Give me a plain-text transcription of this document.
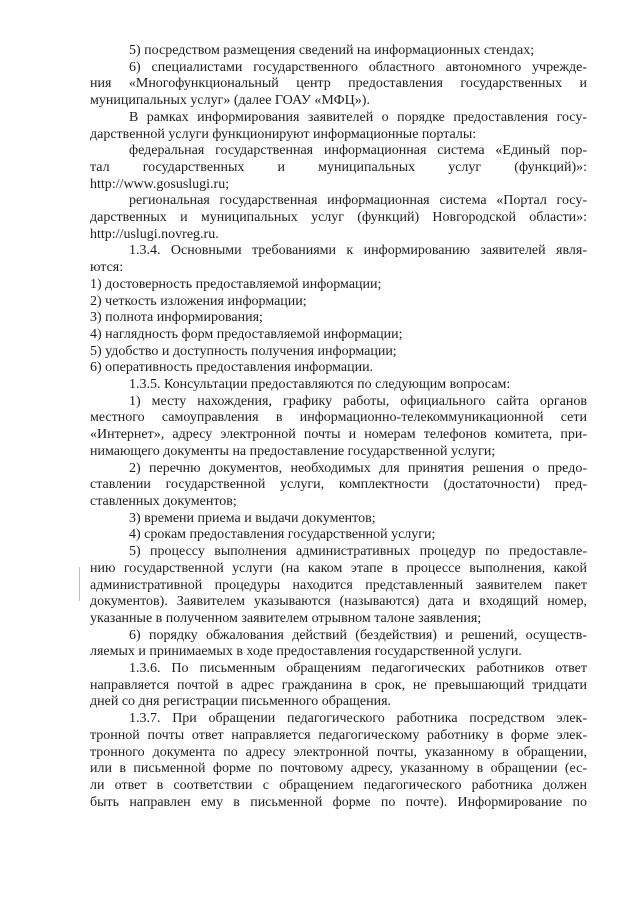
5) посредством размещения сведений на информационных стендах;
6) специалистами государственного областного автономного учрежде-
ния «Многофункциональный центр предоставления государственных и
муниципальных услуг» (далее ГОАУ «МФЦ»).
В рамках информирования заявителей о порядке предоставления госу-
дарственной услуги функционируют информационные порталы:
федеральная государственная информационная система «Единый пор-
тал государственных и муниципальных услуг (функций)»:
http://www.gosuslugi.ru;
региональная государственная информационная система «Портал госу-
дарственных и муниципальных услуг (функций) Новгородской области»:
http://uslugi.novreg.ru.
1.3.4. Основными требованиями к информированию заявителей явля-
ются:
1) достоверность предоставляемой информации;
2) четкость изложения информации;
3) полнота информирования;
4) наглядность форм предоставляемой информации;
5) удобство и доступность получения информации;
6) оперативность предоставления информации.
1.3.5. Консультации предоставляются по следующим вопросам:
1) месту нахождения, графику работы, официального сайта органов
местного самоуправления в информационно-телекоммуникационной сети
«Интернет», адресу электронной почты и номерам телефонов комитета, при-
нимающего документы на предоставление государственной услуги;
2) перечню документов, необходимых для принятия решения о предо-
ставлении государственной услуги, комплектности (достаточности) пред-
ставленных документов;
3) времени приема и выдачи документов;
4) срокам предоставления государственной услуги;
5) процессу выполнения административных процедур по предоставле-
нию государственной услуги (на каком этапе в процессе выполнения, какой
административной процедуры находится представленный заявителем пакет
документов). Заявителем указываются (называются) дата и входящий номер,
указанные в полученном заявителем отрывном талоне заявления;
6) порядку обжалования действий (бездействия) и решений, осуществ-
ляемых и принимаемых в ходе предоставления государственной услуги.
1.3.6. По письменным обращениям педагогических работников ответ
направляется почтой в адрес гражданина в срок, не превышающий тридцати
дней со дня регистрации письменного обращения.
1.3.7. При обращении педагогического работника посредством элек-
тронной почты ответ направляется педагогическому работнику в форме элек-
тронного документа по адресу электронной почты, указанному в обращении,
или в письменной форме по почтовому адресу, указанному в обращении (ес-
ли ответ в соответствии с обращением педагогического работника должен
быть направлен ему в письменной форме по почте). Информирование по
